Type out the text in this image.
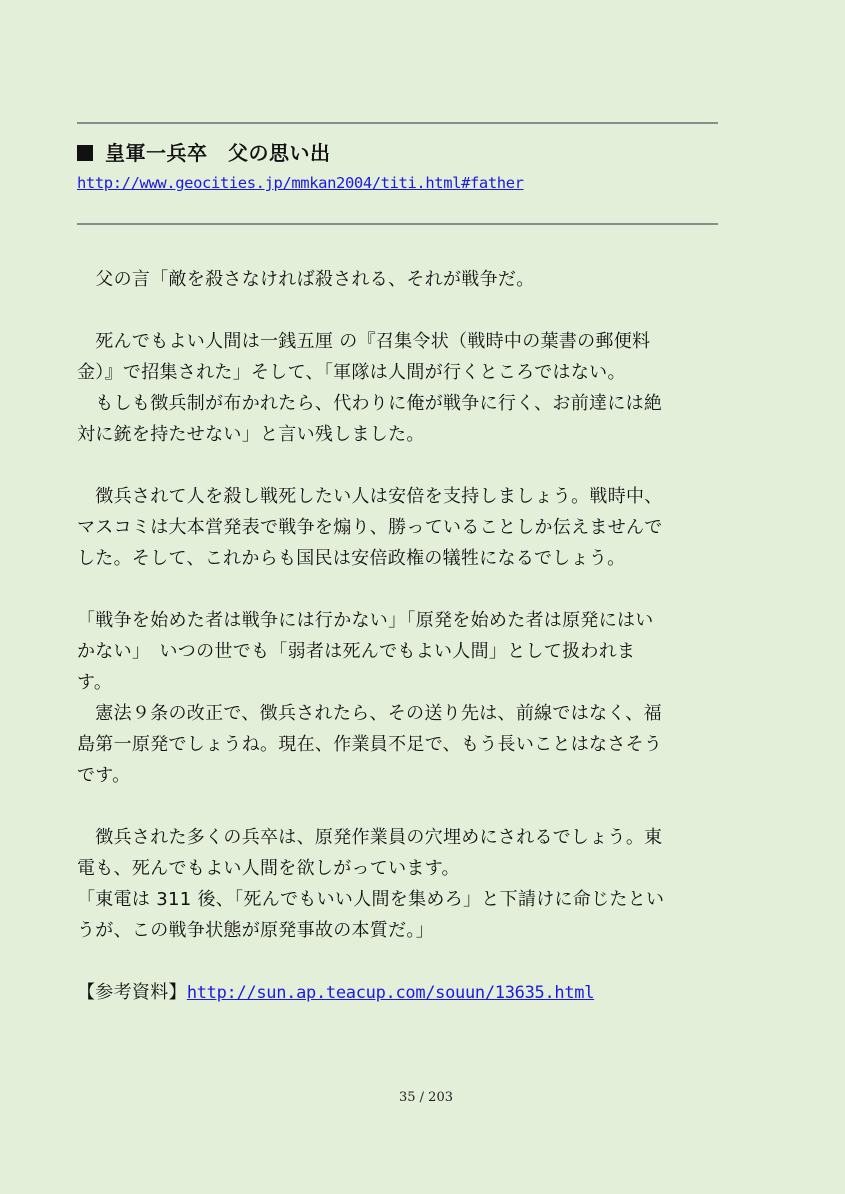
皇軍一兵卒　父の思い出
http://www.geocities.jp/mmkan2004/titi.html#father

　父の言「敵を殺さなければ殺される、それが戦争だ。

　死んでもよい人間は一銭五厘 の『召集令状（戦時中の葉書の郵便料

金）』で招集された」そして、「軍隊は人間が行くところではない。

　もしも徴兵制が布かれたら、代わりに俺が戦争に行く、お前達には絶

対に銃を持たせない」と言い残しました。

　徴兵されて人を殺し戦死したい人は安倍を支持しましょう。戦時中、

マスコミは大本営発表で戦争を煽り、勝っていることしか伝えませんで

した。そして、これからも国民は安倍政権の犠牲になるでしょう。

「戦争を始めた者は戦争には行かない」「原発を始めた者は原発にはい

かない」　いつの世でも「弱者は死んでもよい人間」として扱われま

す。

　憲法９条の改正で、徴兵されたら、その送り先は、前線ではなく、福

島第一原発でしょうね。現在、作業員不足で、もう長いことはなさそう

です。

　徴兵された多くの兵卒は、原発作業員の穴埋めにされるでしょう。東

電も、死んでもよい人間を欲しがっています。

「東電は 311 後、「死んでもいい人間を集めろ」と下請けに命じたとい

うが、この戦争状態が原発事故の本質だ。」

【参考資料】http://sun.ap.teacup.com/souun/13635.html

35 / 203
